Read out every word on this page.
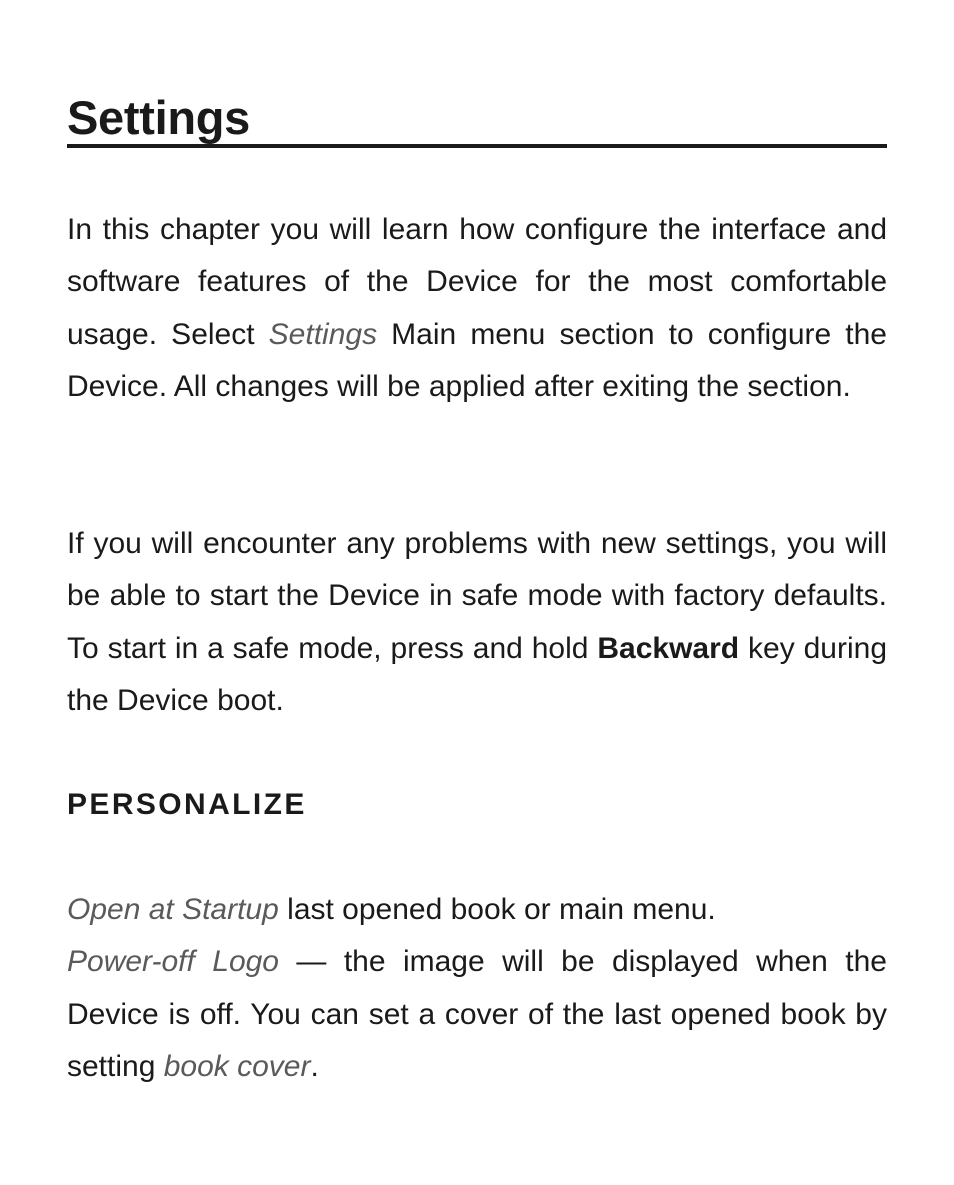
Settings

In this chapter you will learn how configure the interface and software features of the Device for the most comfortable usage. Select Settings Main menu section to configure the Device. All changes will be applied after exiting the section.

If you will encounter any problems with new settings, you will be able to start the Device in safe mode with factory defaults. To start in a safe mode, press and hold Backward key during the Device boot.

PERSONALIZE

Open at Startup last opened book or main menu.
Power-off Logo — the image will be displayed when the Device is off. You can set a cover of the last opened book by setting book cover.
